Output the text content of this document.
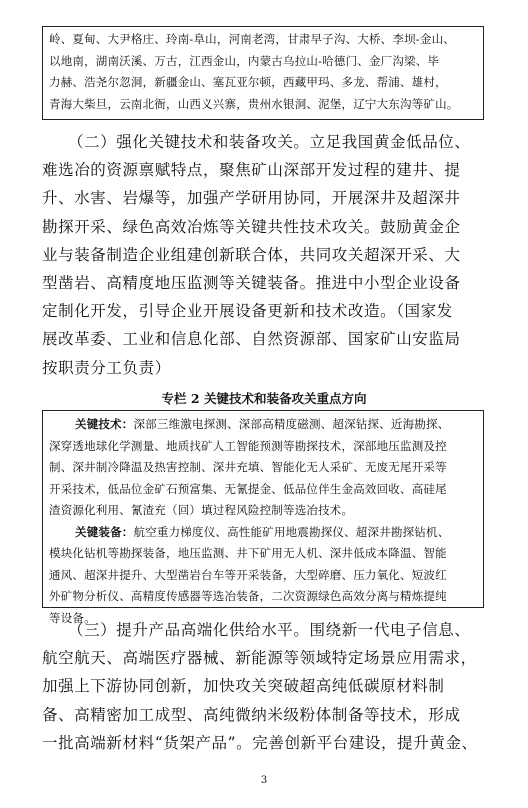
岭、夏甸、大尹格庄、玲南-阜山，河南老湾，甘肃早子沟、大桥、李坝-金山、
以地南，湖南沃溪、万古，江西金山，内蒙古乌拉山-哈德门、金厂沟梁、毕
力赫、浩尧尔忽洞，新疆金山、塞瓦亚尔顿，西藏甲玛、多龙、帮浦、雄村，
青海大柴旦，云南北衙，山西义兴寨，贵州水银洞、泥堡，辽宁大东沟等矿山。
（二）强化关键技术和装备攻关。立足我国黄金低品位、
难选冶的资源禀赋特点，聚焦矿山深部开发过程的建井、提
升、水害、岩爆等，加强产学研用协同，开展深井及超深井
勘探开采、绿色高效冶炼等关键共性技术攻关。鼓励黄金企
业与装备制造企业组建创新联合体，共同攻关超深开采、大
型凿岩、高精度地压监测等关键装备。推进中小型企业设备
定制化开发，引导企业开展设备更新和技术改造。（国家发
展改革委、工业和信息化部、自然资源部、国家矿山安监局
按职责分工负责）
专栏 2 关键技术和装备攻关重点方向
关键技术：深部三维激电探测、深部高精度磁测、超深钻探、近海勘探、
深穿透地球化学测量、地质找矿人工智能预测等勘探技术，深部地压监测及控
制、深井制冷降温及热害控制、深井充填、智能化无人采矿、无废无尾开采等
开采技术，低品位金矿石预富集、无氰提金、低品位伴生金高效回收、高硅尾
渣资源化利用、氰渣充（回）填过程风险控制等选冶技术。
关键装备：航空重力梯度仪、高性能矿用地震勘探仪、超深井勘探钻机、
模块化钻机等勘探装备，地压监测、井下矿用无人机、深井低成本降温、智能
通风、超深井提升、大型凿岩台车等开采装备，大型碎磨、压力氧化、短波红
外矿物分析仪、高精度传感器等选冶装备，二次资源绿色高效分离与精炼提纯
等设备。
（三）提升产品高端化供给水平。围绕新一代电子信息、
航空航天、高端医疗器械、新能源等领域特定场景应用需求，
加强上下游协同创新，加快攻关突破超高纯低碳原材料制
备、高精密加工成型、高纯微纳米级粉体制备等技术，形成
一批高端新材料“货架产品”。完善创新平台建设，提升黄金、
3
